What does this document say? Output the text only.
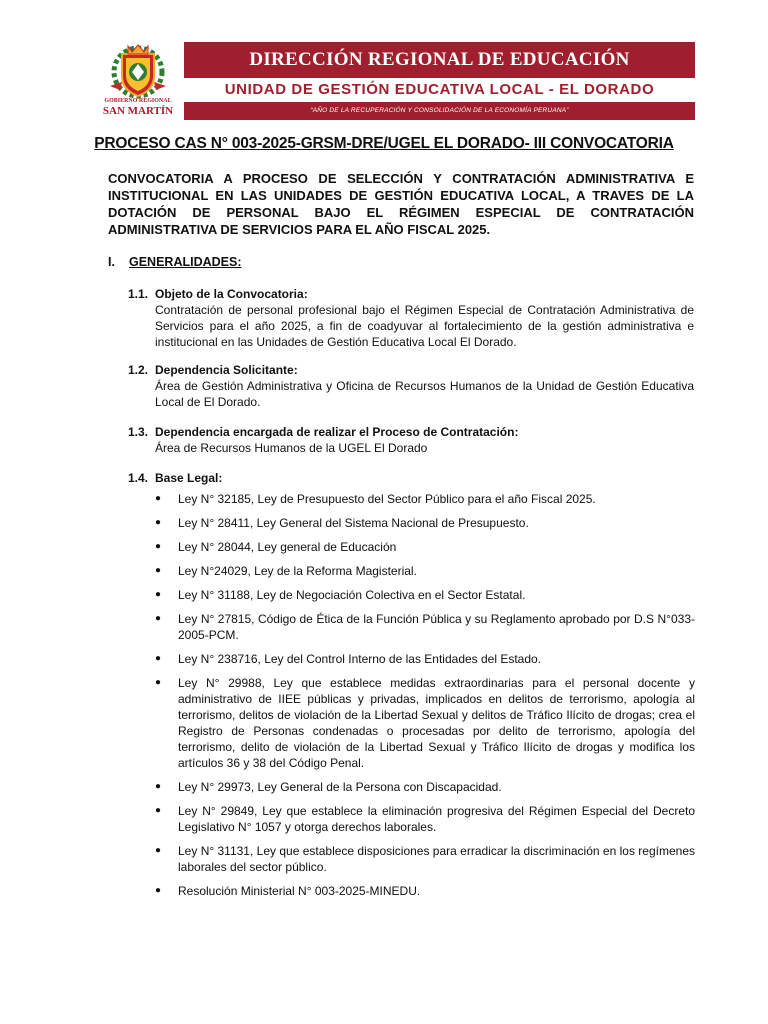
GOBIERNO REGIONAL
SAN MARTÍN
DIRECCIÓN REGIONAL DE EDUCACIÓN
UNIDAD DE GESTIÓN EDUCATIVA LOCAL - EL DORADO
“AÑO DE LA RECUPERACIÓN Y CONSOLIDACIÓN DE LA ECONOMÍA PERUANA”
PROCESO CAS N° 003-2025-GRSM-DRE/UGEL EL DORADO- III CONVOCATORIA
CONVOCATORIA A PROCESO DE SELECCIÓN Y CONTRATACIÓN ADMINISTRATIVA E INSTITUCIONAL EN LAS UNIDADES DE GESTIÓN EDUCATIVA LOCAL, A TRAVES DE LA DOTACIÓN DE PERSONAL BAJO EL RÉGIMEN ESPECIAL DE CONTRATACIÓN ADMINISTRATIVA DE SERVICIOS PARA EL AÑO FISCAL 2025.
I. GENERALIDADES:
1.1. Objeto de la Convocatoria:
Contratación de personal profesional bajo el Régimen Especial de Contratación Administrativa de Servicios para el año 2025, a fin de coadyuvar al fortalecimiento de la gestión administrativa e institucional en las Unidades de Gestión Educativa Local El Dorado.
1.2. Dependencia Solicitante:
Área de Gestión Administrativa y Oficina de Recursos Humanos de la Unidad de Gestión Educativa Local de El Dorado.
1.3. Dependencia encargada de realizar el Proceso de Contratación:
Área de Recursos Humanos de la UGEL El Dorado
1.4. Base Legal:
● Ley N° 32185, Ley de Presupuesto del Sector Público para el año Fiscal 2025.
● Ley N° 28411, Ley General del Sistema Nacional de Presupuesto.
● Ley N° 28044, Ley general de Educación
● Ley N°24029, Ley de la Reforma Magisterial.
● Ley N° 31188, Ley de Negociación Colectiva en el Sector Estatal.
● Ley N° 27815, Código de Ética de la Función Pública y su Reglamento aprobado por D.S N°033-2005-PCM.
● Ley N° 238716, Ley del Control Interno de las Entidades del Estado.
● Ley N° 29988, Ley que establece medidas extraordinarias para el personal docente y administrativo de IIEE públicas y privadas, implicados en delitos de terrorismo, apología al terrorismo, delitos de violación de la Libertad Sexual y delitos de Tráfico Ilícito de drogas; crea el Registro de Personas condenadas o procesadas por delito de terrorismo, apología del terrorismo, delito de violación de la Libertad Sexual y Tráfico Ilícito de drogas y modifica los artículos 36 y 38 del Código Penal.
● Ley N° 29973, Ley General de la Persona con Discapacidad.
● Ley N° 29849, Ley que establece la eliminación progresiva del Régimen Especial del Decreto Legislativo N° 1057 y otorga derechos laborales.
● Ley N° 31131, Ley que establece disposiciones para erradicar la discriminación en los regímenes laborales del sector público.
● Resolución Ministerial N° 003-2025-MINEDU.
